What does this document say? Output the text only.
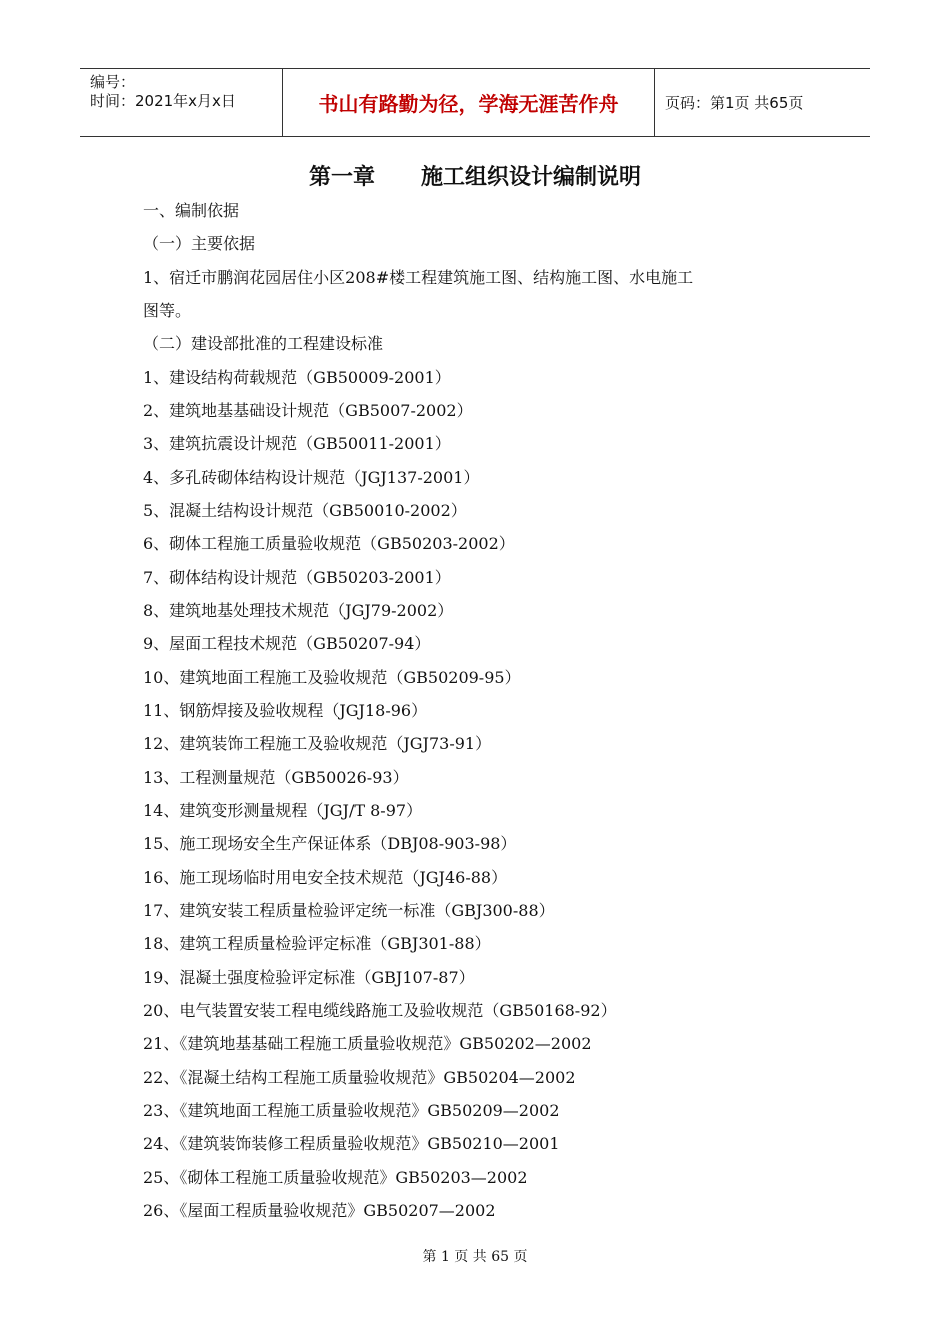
编号：
时间：2021年x月x日	书山有路勤为径，学海无涯苦作舟	页码：第1页 共65页
第一章      施工组织设计编制说明
一、编制依据
（一）主要依据
1、宿迁市鹏润花园居住小区208#楼工程建筑施工图、结构施工图、水电施工
图等。
（二）建设部批准的工程建设标准
1、建设结构荷载规范（GB50009-2001）
2、建筑地基基础设计规范（GB5007-2002）
3、建筑抗震设计规范（GB50011-2001）
4、多孔砖砌体结构设计规范（JGJ137-2001）
5、混凝土结构设计规范（GB50010-2002）
6、砌体工程施工质量验收规范（GB50203-2002）
7、砌体结构设计规范（GB50203-2001）
8、建筑地基处理技术规范（JGJ79-2002）
9、屋面工程技术规范（GB50207-94）
10、建筑地面工程施工及验收规范（GB50209-95）
11、钢筋焊接及验收规程（JGJ18-96）
12、建筑装饰工程施工及验收规范（JGJ73-91）
13、工程测量规范（GB50026-93）
14、建筑变形测量规程（JGJ/T 8-97）
15、施工现场安全生产保证体系（DBJ08-903-98）
16、施工现场临时用电安全技术规范（JGJ46-88）
17、建筑安装工程质量检验评定统一标准（GBJ300-88）
18、建筑工程质量检验评定标准（GBJ301-88）
19、混凝土强度检验评定标准（GBJ107-87）
20、电气装置安装工程电缆线路施工及验收规范（GB50168-92）
21、《建筑地基基础工程施工质量验收规范》GB50202—2002
22、《混凝土结构工程施工质量验收规范》GB50204—2002
23、《建筑地面工程施工质量验收规范》GB50209—2002
24、《建筑装饰装修工程质量验收规范》GB50210—2001
25、《砌体工程施工质量验收规范》GB50203—2002
26、《屋面工程质量验收规范》GB50207—2002
第 1 页 共 65 页
